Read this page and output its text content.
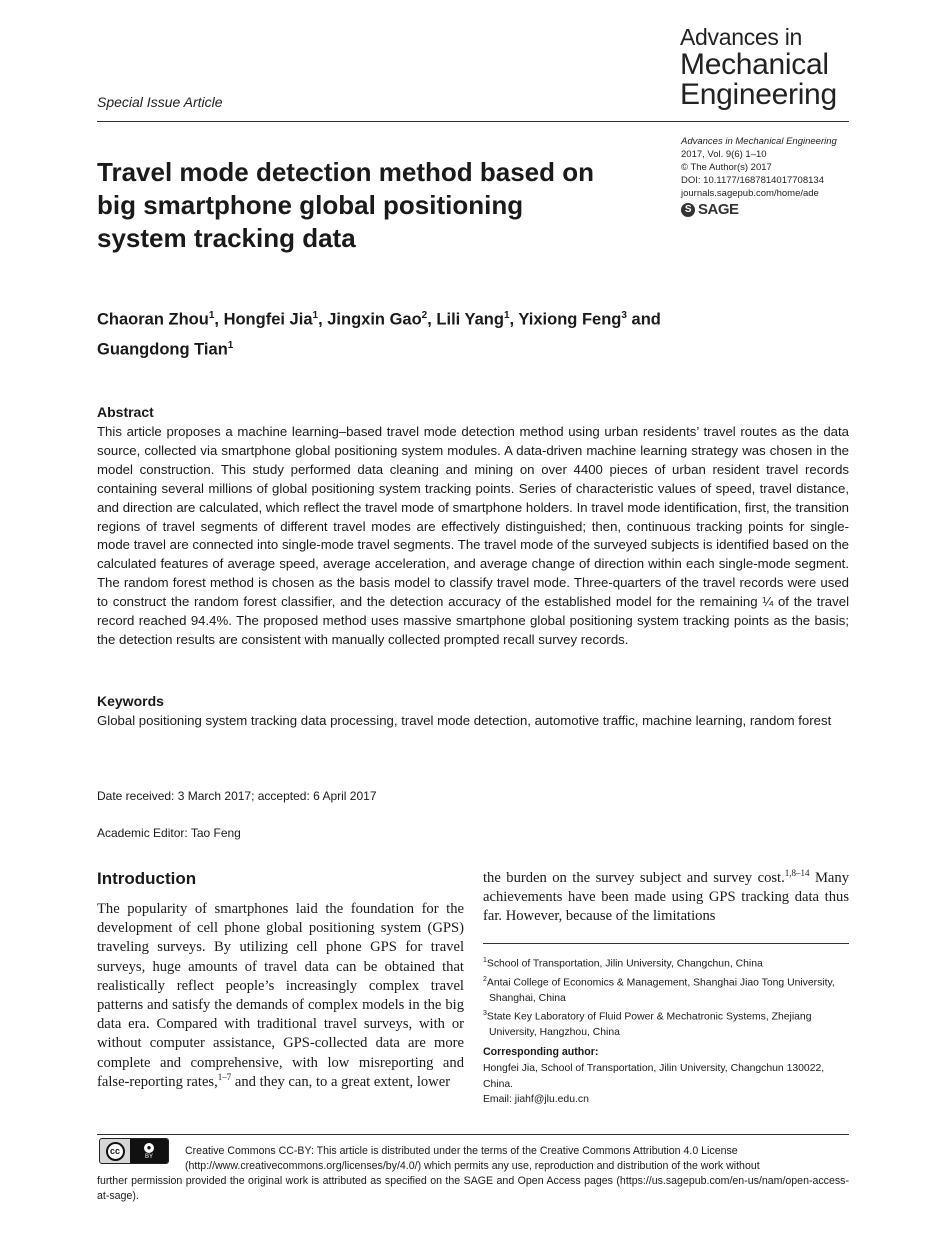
Advances in
Mechanical
Engineering
Special Issue Article
Advances in Mechanical Engineering
2017, Vol. 9(6) 1–10
© The Author(s) 2017
DOI: 10.1177/1687814017708134
journals.sagepub.com/home/ade
S SAGE
Travel mode detection method based on big smartphone global positioning system tracking data
Chaoran Zhou$^1$, Hongfei Jia$^1$, Jingxin Gao$^2$, Lili Yang$^1$, Yixiong Feng$^3$ and
Guangdong Tian$^1$
Abstract

This article proposes a machine learning–based travel mode detection method using urban residents’ travel routes as the data source, collected via smartphone global positioning system modules. A data-driven machine learning strategy was chosen in the model construction. This study performed data cleaning and mining on over 4400 pieces of urban resident travel records containing several millions of global positioning system tracking points. Series of characteristic values of speed, travel distance, and direction are calculated, which reflect the travel mode of smartphone holders. In travel mode identification, first, the transition regions of travel segments of different travel modes are effectively distinguished; then, continuous tracking points for single-mode travel are connected into single-mode travel segments. The travel mode of the surveyed subjects is identified based on the calculated features of average speed, average acceleration, and average change of direction within each single-mode segment. The random forest method is chosen as the basis model to classify travel mode. Three-quarters of the travel records were used to construct the random forest classifier, and the detection accuracy of the established model for the remaining ¼ of the travel record reached 94.4%. The proposed method uses massive smartphone global positioning system tracking points as the basis; the detection results are consistent with manually collected prompted recall survey records.

Keywords

Global positioning system tracking data processing, travel mode detection, automotive traffic, machine learning, random forest

Date received: 3 March 2017; accepted: 6 April 2017
Academic Editor: Tao Feng
Introduction

The popularity of smartphones laid the foundation for the development of cell phone global positioning system (GPS) traveling surveys. By utilizing cell phone GPS for travel surveys, huge amounts of travel data can be obtained that realistically reflect people’s increasingly complex travel patterns and satisfy the demands of complex models in the big data era. Compared with traditional travel surveys, with or without computer assistance, GPS-collected data are more complete and comprehensive, with low misreporting and false-reporting rates,$^{1-7}$ and they can, to a great extent, lower

the burden on the survey subject and survey cost.$^{1,8-14}$ Many achievements have been made using GPS tracking data thus far. However, because of the limitations

$^1$School of Transportation, Jilin University, Changchun, China
$^2$Antai College of Economics & Management, Shanghai Jiao Tong University, Shanghai, China
$^3$State Key Laboratory of Fluid Power & Mechatronic Systems, Zhejiang University, Hangzhou, China
Corresponding author:
Hongfei Jia, School of Transportation, Jilin University, Changchun 130022, China.
Email: jiahf@jlu.edu.cn
cc	●
BY	Creative Commons CC-BY: This article is distributed under the terms of the Creative Commons Attribution 4.0 License (http://www.creativecommons.org/licenses/by/4.0/) which permits any use, reproduction and distribution of the work without
further permission provided the original work is attributed as specified on the SAGE and Open Access pages (https://us.sagepub.com/en-us/nam/open-access-at-sage).
